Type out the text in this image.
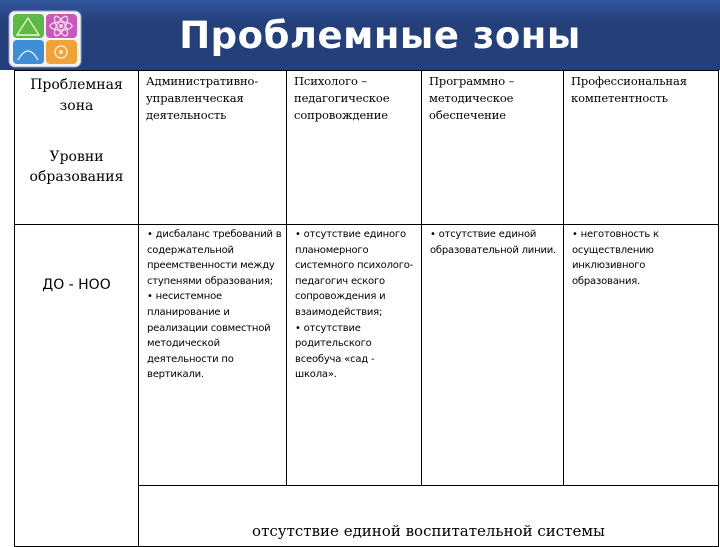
Проблемные зоны
Проблемная
зона
Уровни
образования	Административно- управленческая деятельность	Психолого – педагогическое сопровождение	Программно – методическое обеспечение	Профессиональная компетентность
ДО - НОО	• дисбаланс требований в содержательной преемственности между ступенями образования;
• несистемное планирование и реализации совместной методической деятельности по вертикали.	• отсутствие единого планомерного системного психолого-педагогич еского сопровождения и взаимодействия;
• отсутствие родительского всеобуча «сад - школа».	• отсутствие единой образовательной линии.	• неготовность к осуществлению инклюзивного образования.

	отсутствие единой воспитательной системы			
